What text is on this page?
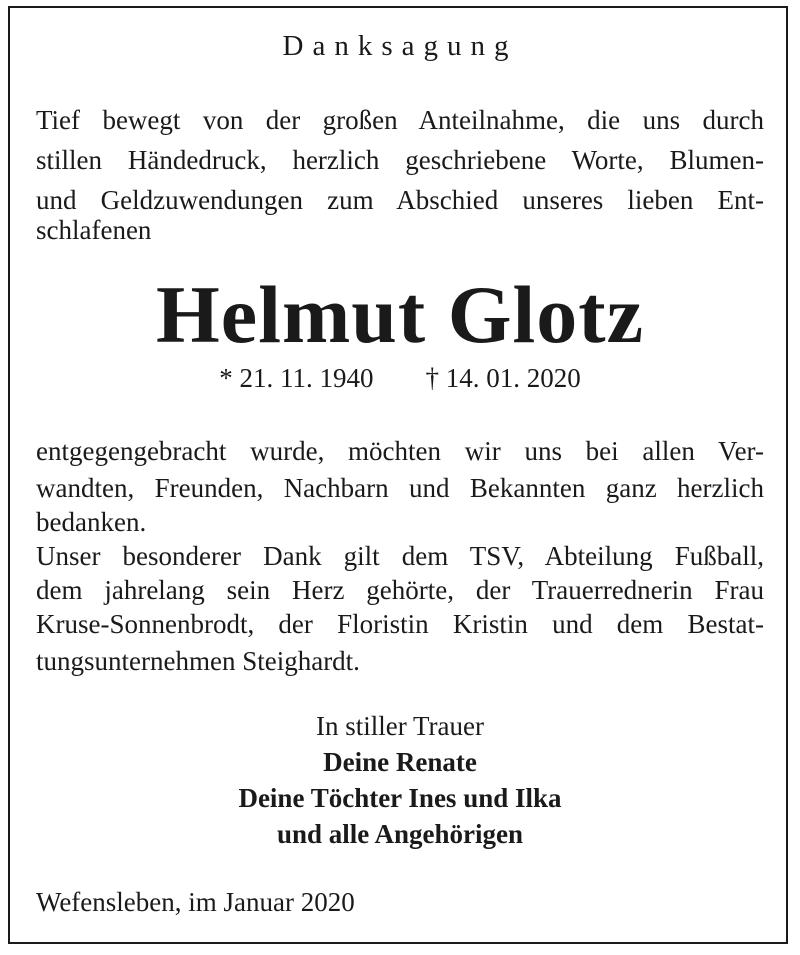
Danksagung
Tief bewegt von der großen Anteilnahme, die uns durch
stillen Händedruck, herzlich geschriebene Worte, Blumen-
und Geldzuwendungen zum Abschied unseres lieben Ent-
schlafenen
Helmut Glotz
* 21. 11. 1940 † 14. 01. 2020
entgegengebracht wurde, möchten wir uns bei allen Ver-
wandten, Freunden, Nachbarn und Bekannten ganz herzlich
bedanken.
Unser besonderer Dank gilt dem TSV, Abteilung Fußball,
dem jahrelang sein Herz gehörte, der Trauerrednerin Frau
Kruse-Sonnenbrodt, der Floristin Kristin und dem Bestat-
tungsunternehmen Steighardt.
In stiller Trauer
Deine Renate
Deine Töchter Ines und Ilka
und alle Angehörigen
Wefensleben, im Januar 2020
